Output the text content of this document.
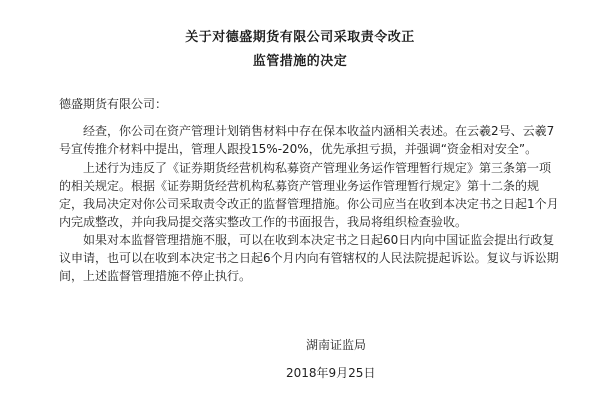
关于对德盛期货有限公司采取责令改正
监管措施的决定
德盛期货有限公司：

经查，你公司在资产管理计划销售材料中存在保本收益内涵相关表述。在云羲2号、云羲7号宣传推介材料中提出，管理人跟投15%-20%，优先承担亏损，并强调“资金相对安全”。

上述行为违反了《证券期货经营机构私募资产管理业务运作管理暂行规定》第三条第一项的相关规定。根据《证券期货经营机构私募资产管理业务运作管理暂行规定》第十二条的规定，我局决定对你公司采取责令改正的监督管理措施。你公司应当在收到本决定书之日起1个月内完成整改，并向我局提交落实整改工作的书面报告，我局将组织检查验收。

如果对本监督管理措施不服，可以在收到本决定书之日起60日内向中国证监会提出行政复议申请，也可以在收到本决定书之日起6个月内向有管辖权的人民法院提起诉讼。复议与诉讼期间，上述监督管理措施不停止执行。

湖南证监局
2018年9月25日
